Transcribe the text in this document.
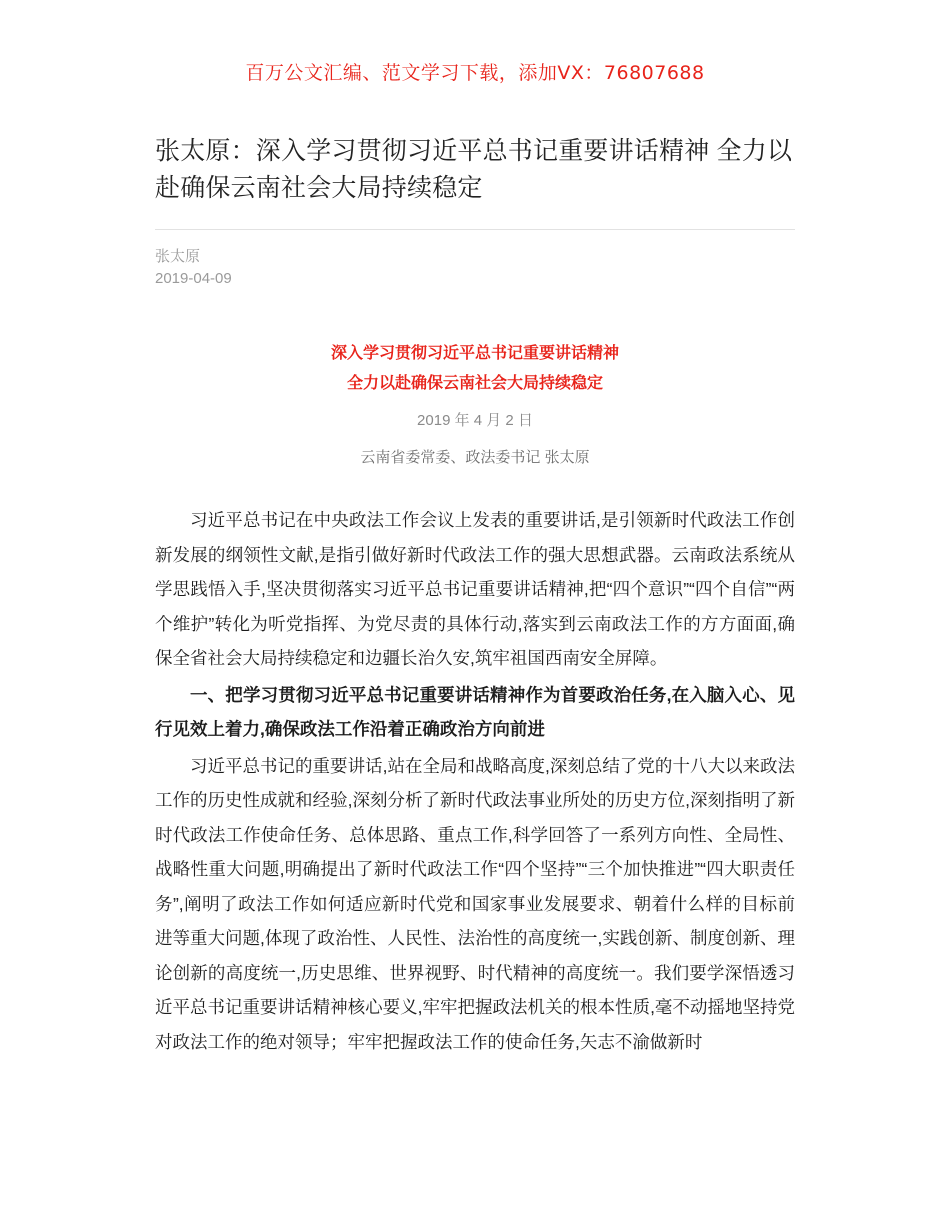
百万公文汇编、范文学习下载，添加VX：76807688
张太原：深入学习贯彻习近平总书记重要讲话精神 全力以赴确保云南社会大局持续稳定
张太原
2019-04-09
深入学习贯彻习近平总书记重要讲话精神
全力以赴确保云南社会大局持续稳定
2019 年 4 月 2 日
云南省委常委、政法委书记 张太原

习近平总书记在中央政法工作会议上发表的重要讲话,是引领新时代政法工作创新发展的纲领性文献,是指引做好新时代政法工作的强大思想武器。云南政法系统从学思践悟入手,坚决贯彻落实习近平总书记重要讲话精神,把“四个意识”“四个自信”“两个维护”转化为听党指挥、为党尽责的具体行动,落实到云南政法工作的方方面面,确保全省社会大局持续稳定和边疆长治久安,筑牢祖国西南安全屏障。

一、把学习贯彻习近平总书记重要讲话精神作为首要政治任务,在入脑入心、见行见效上着力,确保政法工作沿着正确政治方向前进

习近平总书记的重要讲话,站在全局和战略高度,深刻总结了党的十八大以来政法工作的历史性成就和经验,深刻分析了新时代政法事业所处的历史方位,深刻指明了新时代政法工作使命任务、总体思路、重点工作,科学回答了一系列方向性、全局性、战略性重大问题,明确提出了新时代政法工作“四个坚持”“三个加快推进”“四大职责任务”,阐明了政法工作如何适应新时代党和国家事业发展要求、朝着什么样的目标前进等重大问题,体现了政治性、人民性、法治性的高度统一,实践创新、制度创新、理论创新的高度统一,历史思维、世界视野、时代精神的高度统一。我们要学深悟透习近平总书记重要讲话精神核心要义,牢牢把握政法机关的根本性质,毫不动摇地坚持党对政法工作的绝对领导；牢牢把握政法工作的使命任务,矢志不渝做新时
